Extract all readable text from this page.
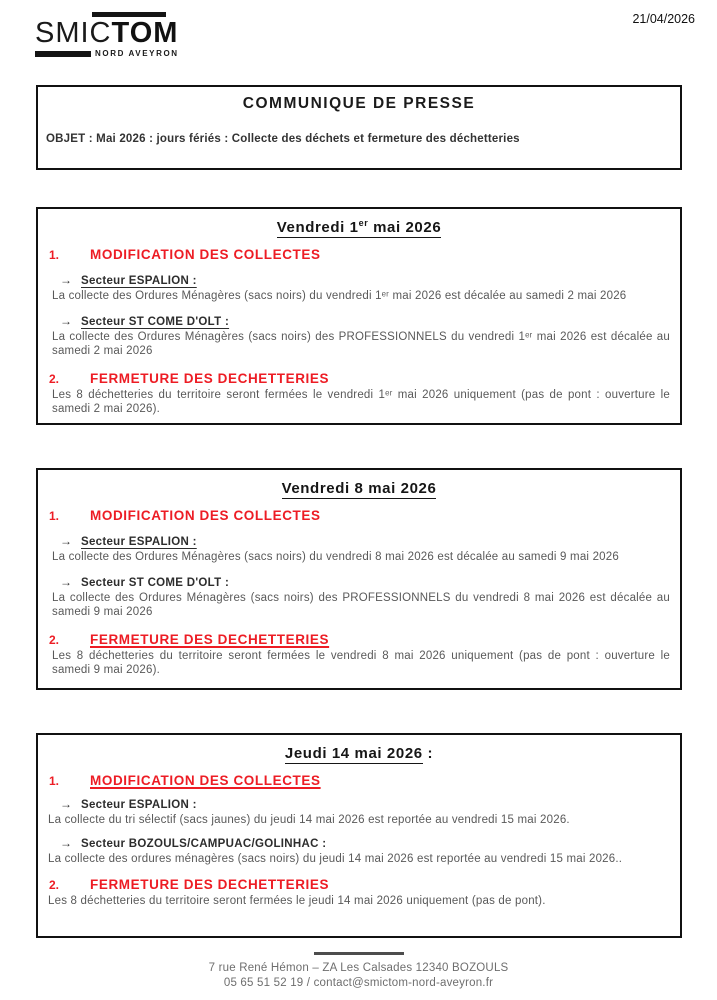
SMICTOM
NORD AVEYRON
21/04/2026
COMMUNIQUE DE PRESSE
OBJET : Mai 2026 : jours fériés : Collecte des déchets et fermeture des déchetteries
Vendredi 1er mai 2026
1.	MODIFICATION DES COLLECTES
→ Secteur ESPALION :

La collecte des Ordures Ménagères (sacs noirs) du vendredi 1ᵉʳ mai 2026 est décalée au samedi 2 mai 2026

→ Secteur ST COME D'OLT :

La collecte des Ordures Ménagères (sacs noirs) des PROFESSIONNELS du vendredi 1ᵉʳ mai 2026 est décalée au samedi 2 mai 2026

2.	FERMETURE DES DECHETTERIES

Les 8 déchetteries du territoire seront fermées le vendredi 1ᵉʳ mai 2026 uniquement (pas de pont : ouverture le samedi 2 mai 2026).

Vendredi 8 mai 2026
1.	MODIFICATION DES COLLECTES
→ Secteur ESPALION :

La collecte des Ordures Ménagères (sacs noirs) du vendredi 8 mai 2026 est décalée au samedi 9 mai 2026

→ Secteur ST COME D'OLT :

La collecte des Ordures Ménagères (sacs noirs) des PROFESSIONNELS du vendredi 8 mai 2026 est décalée au samedi 9 mai 2026

2.	FERMETURE DES DECHETTERIES

Les 8 déchetteries du territoire seront fermées le vendredi 8 mai 2026 uniquement (pas de pont : ouverture le samedi 9 mai 2026).

Jeudi 14 mai 2026 :
1.	MODIFICATION DES COLLECTES
→ Secteur ESPALION :

La collecte du tri sélectif (sacs jaunes) du jeudi 14 mai 2026 est reportée au vendredi 15 mai 2026.

→ Secteur BOZOULS/CAMPUAC/GOLINHAC :

La collecte des ordures ménagères (sacs noirs) du jeudi 14 mai 2026 est reportée au vendredi 15 mai 2026..

2.	FERMETURE DES DECHETTERIES

Les 8 déchetteries du territoire seront fermées le jeudi 14 mai 2026 uniquement (pas de pont).

7 rue René Hémon – ZA Les Calsades 12340 BOZOULS
05 65 51 52 19 / contact@smictom-nord-aveyron.fr
